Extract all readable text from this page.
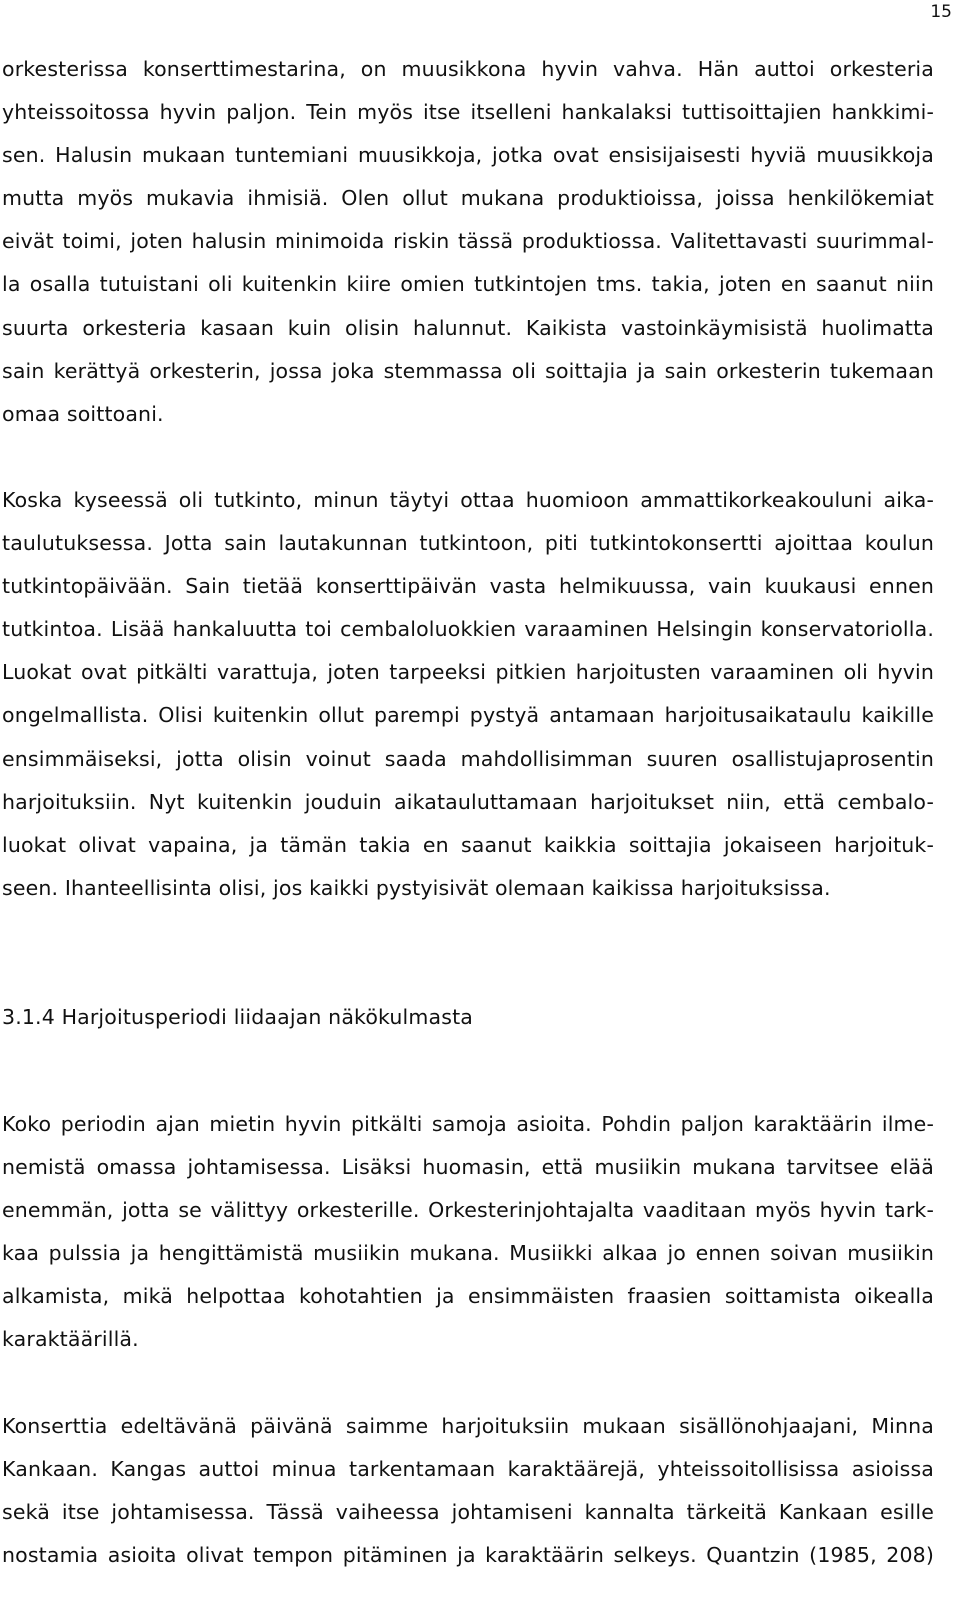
15
orkesterissa konserttimestarina, on muusikkona hyvin vahva. Hän auttoi orkesteria
yhteissoitossa hyvin paljon. Tein myös itse itselleni hankalaksi tuttisoittajien hankkimi-
sen. Halusin mukaan tuntemiani muusikkoja, jotka ovat ensisijaisesti hyviä muusikkoja
mutta myös mukavia ihmisiä. Olen ollut mukana produktioissa, joissa henkilökemiat
eivät toimi, joten halusin minimoida riskin tässä produktiossa. Valitettavasti suurimmal-
la osalla tutuistani oli kuitenkin kiire omien tutkintojen tms. takia, joten en saanut niin
suurta orkesteria kasaan kuin olisin halunnut. Kaikista vastoinkäymisistä huolimatta
sain kerättyä orkesterin, jossa joka stemmassa oli soittajia ja sain orkesterin tukemaan
omaa soittoani.
Koska kyseessä oli tutkinto, minun täytyi ottaa huomioon ammattikorkeakouluni aika-
taulutuksessa. Jotta sain lautakunnan tutkintoon, piti tutkintokonsertti ajoittaa koulun
tutkintopäivään. Sain tietää konserttipäivän vasta helmikuussa, vain kuukausi ennen
tutkintoa. Lisää hankaluutta toi cembaloluokkien varaaminen Helsingin konservatoriolla.
Luokat ovat pitkälti varattuja, joten tarpeeksi pitkien harjoitusten varaaminen oli hyvin
ongelmallista. Olisi kuitenkin ollut parempi pystyä antamaan harjoitusaikataulu kaikille
ensimmäiseksi, jotta olisin voinut saada mahdollisimman suuren osallistujaprosentin
harjoituksiin. Nyt kuitenkin jouduin aikatauluttamaan harjoitukset niin, että cembalo-
luokat olivat vapaina, ja tämän takia en saanut kaikkia soittajia jokaiseen harjoituk-
seen. Ihanteellisinta olisi, jos kaikki pystyisivät olemaan kaikissa harjoituksissa.
3.1.4 Harjoitusperiodi liidaajan näkökulmasta
Koko periodin ajan mietin hyvin pitkälti samoja asioita. Pohdin paljon karaktäärin ilme-
nemistä omassa johtamisessa. Lisäksi huomasin, että musiikin mukana tarvitsee elää
enemmän, jotta se välittyy orkesterille. Orkesterinjohtajalta vaaditaan myös hyvin tark-
kaa pulssia ja hengittämistä musiikin mukana. Musiikki alkaa jo ennen soivan musiikin
alkamista, mikä helpottaa kohotahtien ja ensimmäisten fraasien soittamista oikealla
karaktäärillä.
Konserttia edeltävänä päivänä saimme harjoituksiin mukaan sisällönohjaajani, Minna
Kankaan. Kangas auttoi minua tarkentamaan karaktäärejä, yhteissoitollisissa asioissa
sekä itse johtamisessa. Tässä vaiheessa johtamiseni kannalta tärkeitä Kankaan esille
nostamia asioita olivat tempon pitäminen ja karaktäärin selkeys. Quantzin (1985, 208)
